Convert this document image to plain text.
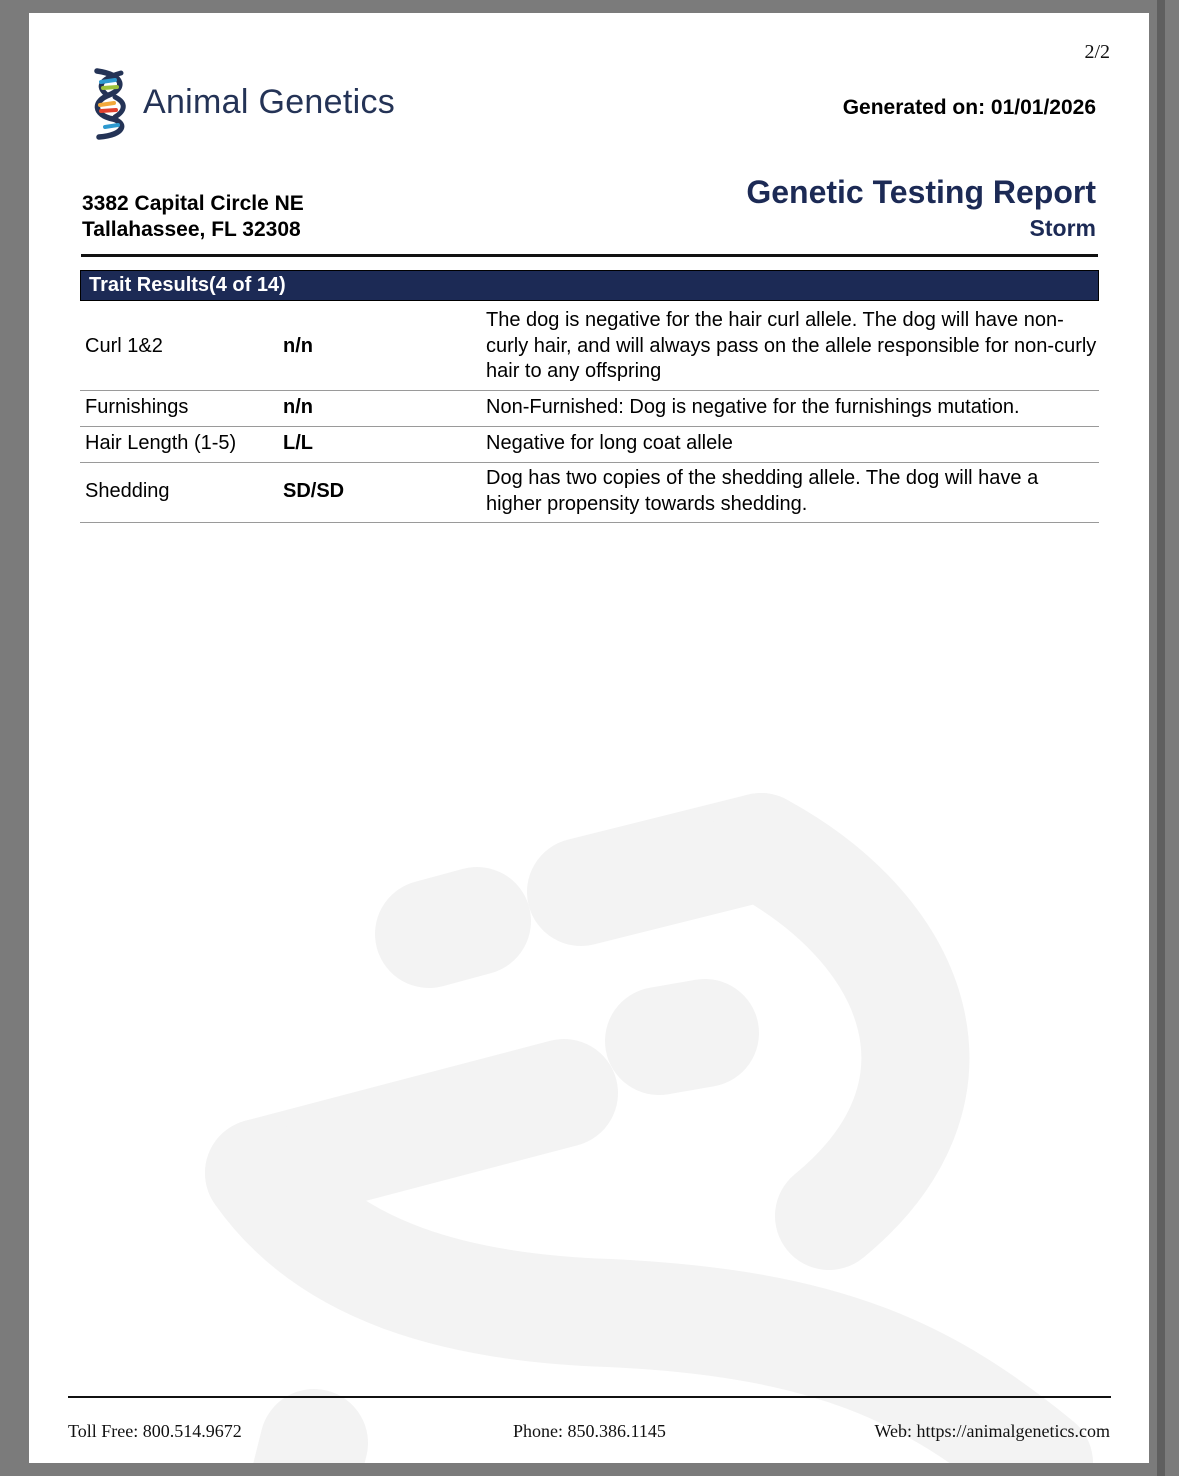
2/2
Animal Genetics	Generated on: 01/01/2026
3382 Capital Circle NE
Tallahassee, FL 32308
Genetic Testing Report
Storm
Trait Results(4 of 14)
Curl 1&2	n/n	The dog is negative for the hair curl allele. The dog will have non-curly hair, and will always pass on the allele responsible for non-curly hair to any offspring
Furnishings	n/n	Non-Furnished: Dog is negative for the furnishings mutation.
Hair Length (1-5)	L/L	Negative for long coat allele
Shedding	SD/SD	Dog has two copies of the shedding allele. The dog will have a higher propensity towards shedding.
Toll Free: 800.514.9672	Phone: 850.386.1145	Web: https://animalgenetics.com
